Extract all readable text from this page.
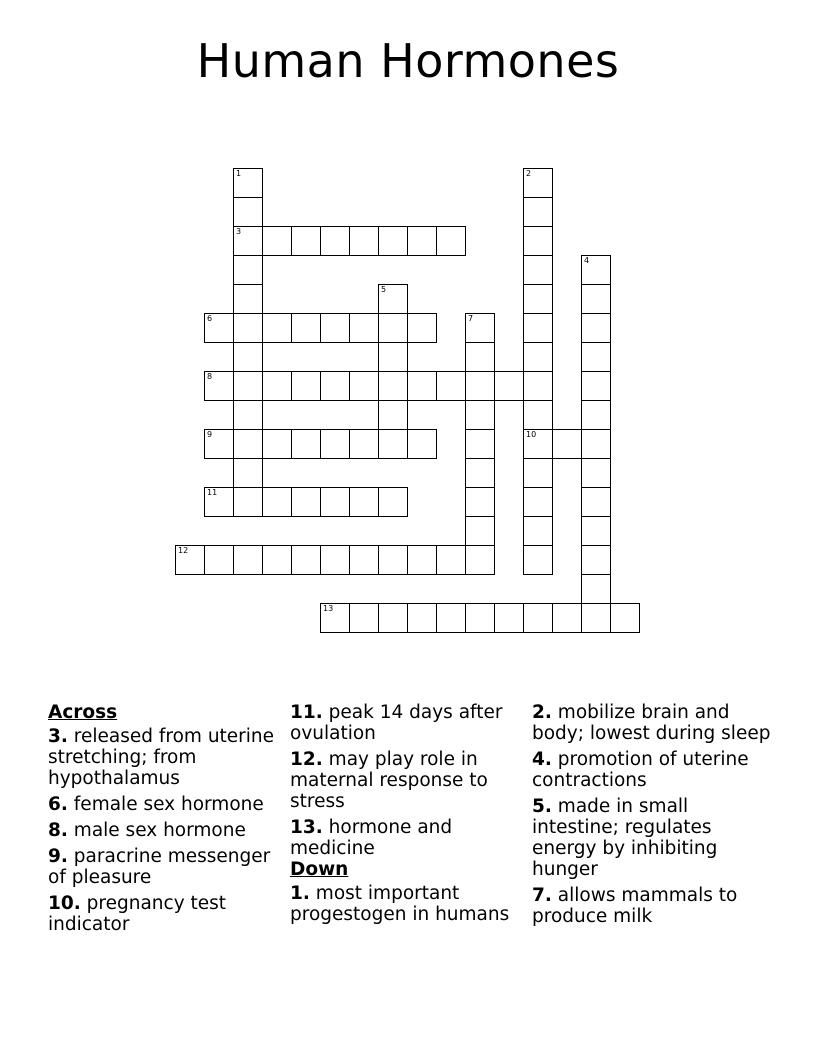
Human Hormones
1
3
2
10
4
5
6	7
8
9
11
12
13
Across
3. released from uterine stretching; from hypothalamus
6. female sex hormone
8. male sex hormone
9. paracrine messenger of pleasure
10. pregnancy test indicator
11. peak 14 days after ovulation
12. may play role in maternal response to stress
13. hormone and medicine
Down
1. most important progestogen in humans
2. mobilize brain and body; lowest during sleep
4. promotion of uterine contractions
5. made in small intestine; regulates energy by inhibiting hunger
7. allows mammals to produce milk
